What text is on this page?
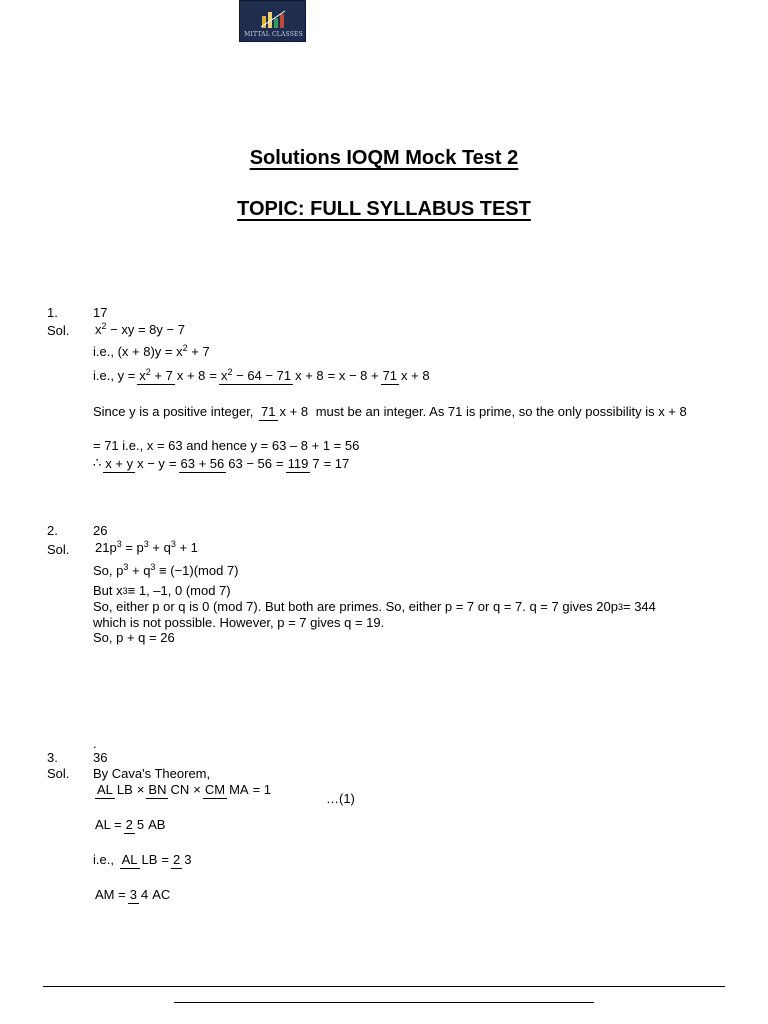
MITTAL CLASSES
Solutions IOQM Mock Test 2
TOPIC: FULL SYLLABUS TEST
1.	17
Sol. $x^2$ − xy = 8y − 7
i.e., $(x + 8)y = x^2 + 7$
i.e., $y = x^2 + 7$ $x + 8 = x^2 - 64 - 71$ x + 8 = x − 8 + 71 x + 8
Since y is a positive integer,
71 x + 8
must be an integer. As 71 is prime, so the only possibility is x + 8
= 71 i.e., x = 63 and hence y = 63 – 8 + 1 = 56
∴ x + y x − y = 63 + 56 63 − 56 = 119 7 = 17
2.	26
Sol. $21p^3 = p^3 + q^3 + 1$
So, $p^3 + q^3 \equiv (-1)(mod$ 7)
But x 3 ≡ 1, –1, 0 (mod 7)
So, either p or q is 0 (mod 7). But both are primes. So, either p = 7 or q = 7. q = 7 gives 20p 3 = 344
which is not possible. However, p = 7 gives q = 19.
So, p + q = 26
.
3.	36
Sol. By Cava's Theorem,
AL LB × BN CN × CM MA = 1
…(1)
AL = 2 5 AB
i.e.,
AL LB = 2 3
AM = 3 4 AC
